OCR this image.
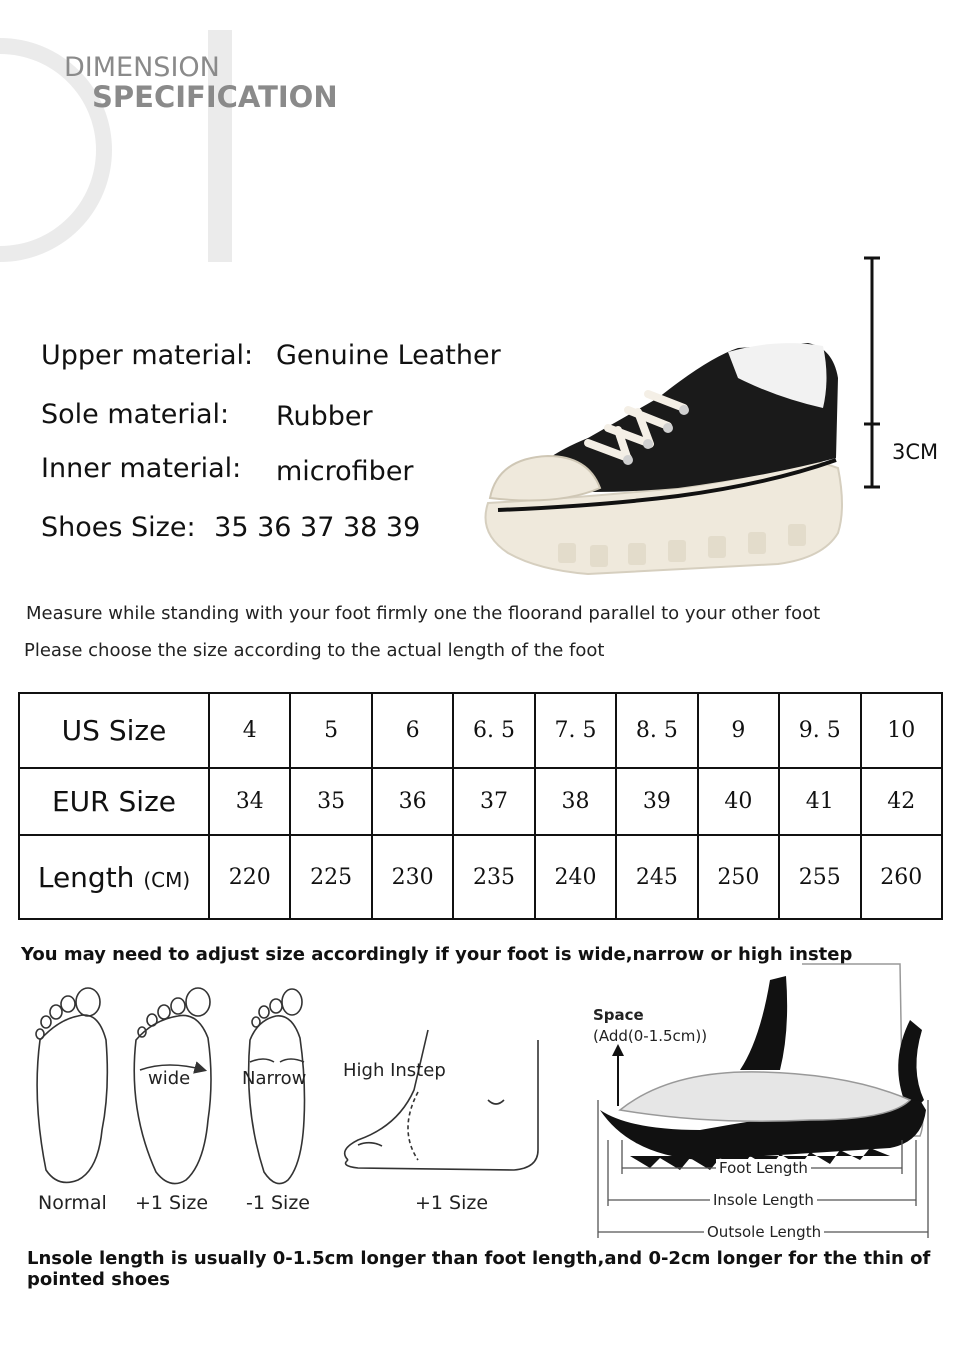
DIMENSION
SPECIFICATION
Upper material: Genuine Leather
Sole material: Rubber
Inner material: microfiber
Shoes Size: 35 36 37 38 39
3CM
Measure while standing with your foot firmly one the floorand parallel to your other foot
Please choose the size according to the actual length of the foot
US Size	4	5	6	6. 5	7. 5	8. 5	9	9. 5	10
EUR Size	34	35	36	37	38	39	40	41	42
Length (CM)	220	225	230	235	240	245	250	255	260
You may need to adjust size accordingly if your foot is wide,narrow or high instep
wide	Narrow High Instep
Normal +1 Size -1 Size	+1 Size
Space
(Add(0-1.5cm))
Foot Length
Insole Length
Outsole Length
Lnsole length is usually 0-1.5cm longer than foot length,and 0-2cm longer for the thin of pointed shoes
